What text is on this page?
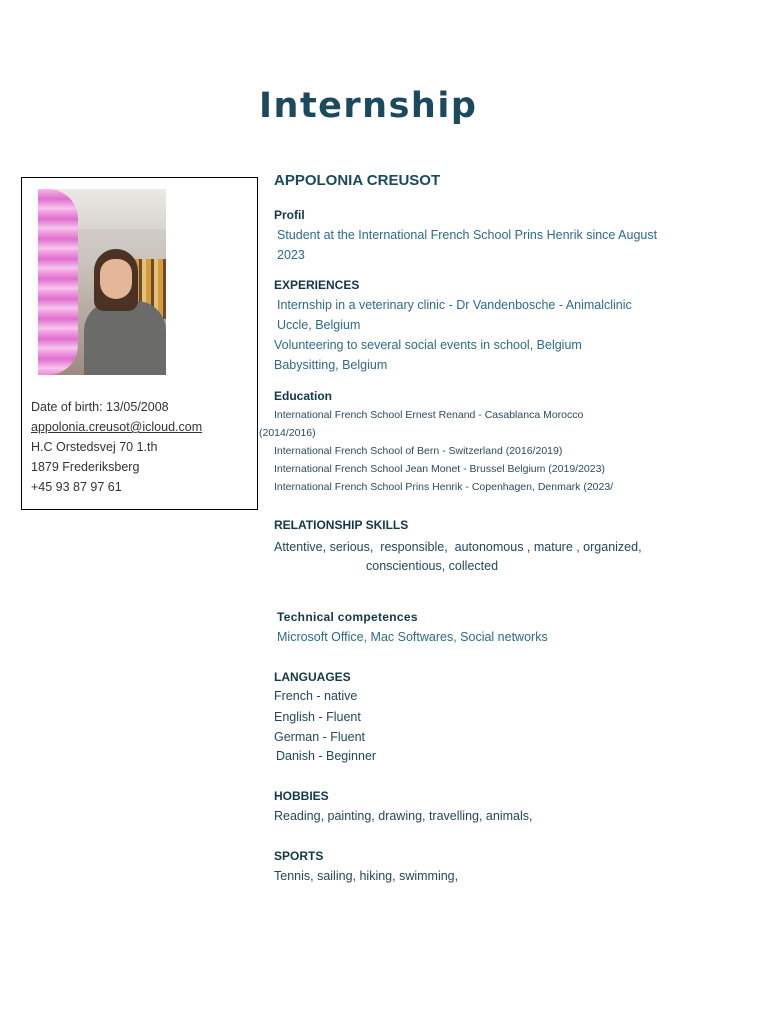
Internship
Date of birth: 13/05/2008
appolonia.creusot@icloud.com
H.C Orstedsvej 70 1.th
1879 Frederiksberg
+45 93 87 97 61
APPOLONIA CREUSOT

Profil

Student at the International French School Prins Henrik since August

2023

EXPERIENCES

Internship in a veterinary clinic - Dr Vandenbosche - Animalclinic

Uccle, Belgium

Volunteering to several social events in school, Belgium

Babysitting, Belgium

Education

International French School Ernest Renand - Casablanca Morocco

(2014/2016)

International French School of Bern - Switzerland (2016/2019)

International French School Jean Monet - Brussel Belgium (2019/2023)

International French School Prins Henrik - Copenhagen, Denmark (2023/

RELATIONSHIP SKILLS

Attentive, serious,  responsible,  autonomous , mature , organized,

conscientious, collected

Technical competences

Microsoft Office, Mac Softwares, Social networks

LANGUAGES

French - native

English - Fluent

German - Fluent

Danish - Beginner

HOBBIES

Reading, painting, drawing, travelling, animals,

SPORTS

Tennis, sailing, hiking, swimming,
